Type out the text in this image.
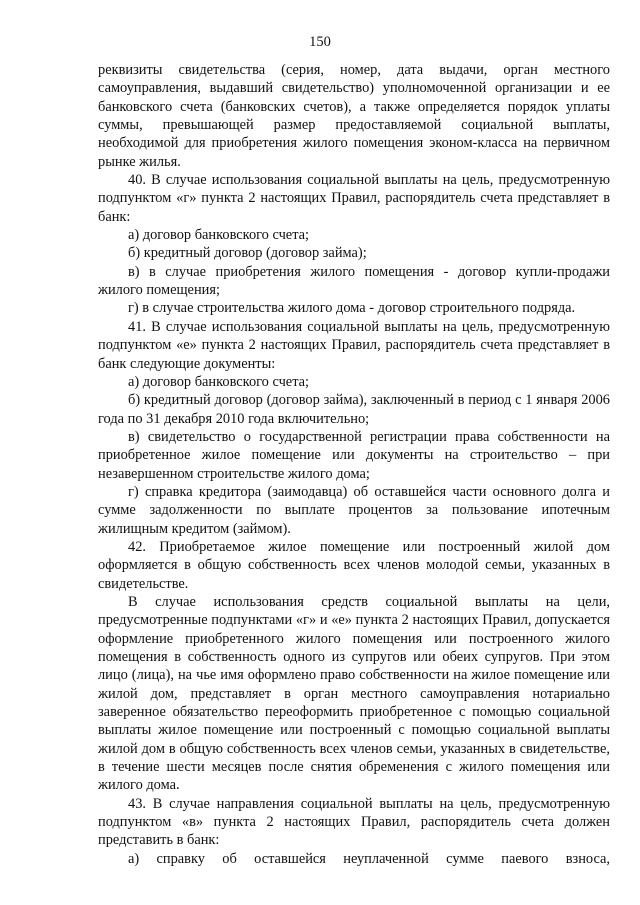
150

реквизиты свидетельства (серия, номер, дата выдачи, орган местного самоуправления, выдавший свидетельство) уполномоченной организации и ее банковского счета (банковских счетов), а также определяется порядок уплаты суммы, превышающей размер предоставляемой социальной выплаты, необходимой для приобретения жилого помещения эконом-класса на первичном рынке жилья.

40. В случае использования социальной выплаты на цель, предусмотренную подпунктом «г» пункта 2 настоящих Правил, распорядитель счета представляет в банк:

а) договор банковского счета;

б) кредитный договор (договор займа);

в) в случае приобретения жилого помещения - договор купли-продажи жилого помещения;

г) в случае строительства жилого дома - договор строительного подряда.

41. В случае использования социальной выплаты на цель, предусмотренную подпунктом «е» пункта 2 настоящих Правил, распорядитель счета представляет в банк следующие документы:

а) договор банковского счета;

б) кредитный договор (договор займа), заключенный в период с 1 января 2006 года по 31 декабря 2010 года включительно;

в) свидетельство о государственной регистрации права собственности на приобретенное жилое помещение или документы на строительство – при незавершенном строительстве жилого дома;

г) справка кредитора (заимодавца) об оставшейся части основного долга и сумме задолженности по выплате процентов за пользование ипотечным жилищным кредитом (займом).

42. Приобретаемое жилое помещение или построенный жилой дом оформляется в общую собственность всех членов молодой семьи, указанных в свидетельстве.

В случае использования средств социальной выплаты на цели, предусмотренные подпунктами «г» и «е» пункта 2 настоящих Правил, допускается оформление приобретенного жилого помещения или построенного жилого помещения в собственность одного из супругов или обеих супругов. При этом лицо (лица), на чье имя оформлено право собственности на жилое помещение или жилой дом, представляет в орган местного самоуправления нотариально заверенное обязательство переоформить приобретенное с помощью социальной выплаты жилое помещение или построенный с помощью социальной выплаты жилой дом в общую собственность всех членов семьи, указанных в свидетельстве, в течение шести месяцев после снятия обременения с жилого помещения или жилого дома.

43. В случае направления социальной выплаты на цель, предусмотренную подпунктом «в» пункта 2 настоящих Правил, распорядитель счета должен представить в банк:

а) справку об оставшейся неуплаченной сумме паевого взноса,
